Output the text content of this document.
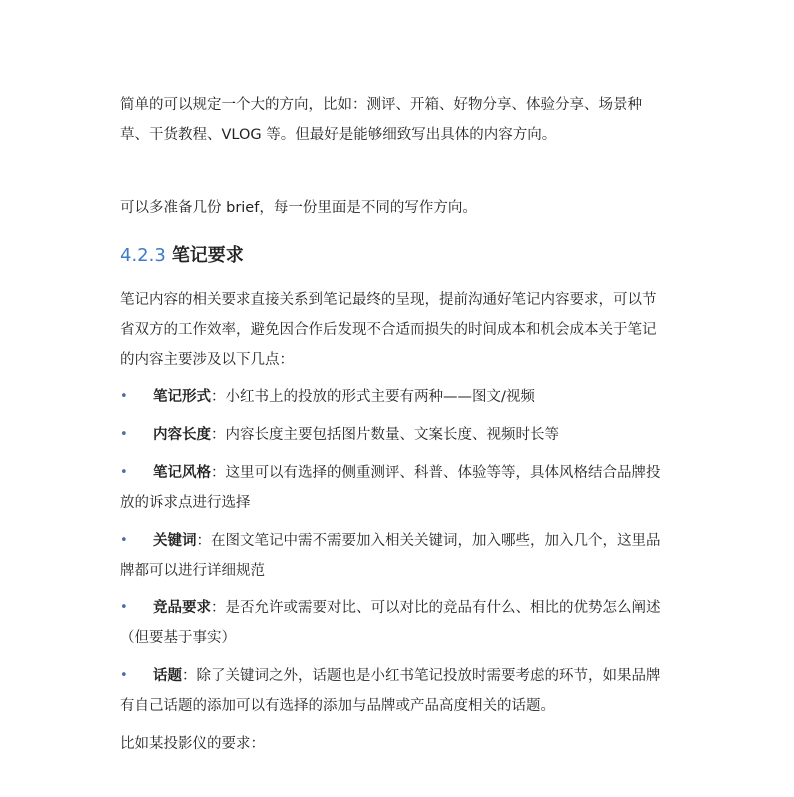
简单的可以规定一个大的方向，比如：测评、开箱、好物分享、体验分享、场景种
草、干货教程、VLOG 等。但最好是能够细致写出具体的内容方向。

可以多准备几份 brief，每一份里面是不同的写作方向。

4.2.3 笔记要求

笔记内容的相关要求直接关系到笔记最终的呈现，提前沟通好笔记内容要求，可以节
省双方的工作效率，避免因合作后发现不合适而损失的时间成本和机会成本关于笔记
的内容主要涉及以下几点：

•	笔记形式：小红书上的投放的形式主要有两种——图文/视频
•	内容长度：内容长度主要包括图片数量、文案长度、视频时长等
•	笔记风格：这里可以有选择的侧重测评、科普、体验等等，具体风格结合品牌投
放的诉求点进行选择
•	关键词：在图文笔记中需不需要加入相关关键词，加入哪些，加入几个，这里品
牌都可以进行详细规范
•	竞品要求：是否允许或需要对比、可以对比的竞品有什么、相比的优势怎么阐述
（但要基于事实）
•	话题：除了关键词之外，话题也是小红书笔记投放时需要考虑的环节，如果品牌
有自己话题的添加可以有选择的添加与品牌或产品高度相关的话题。

比如某投影仪的要求：
